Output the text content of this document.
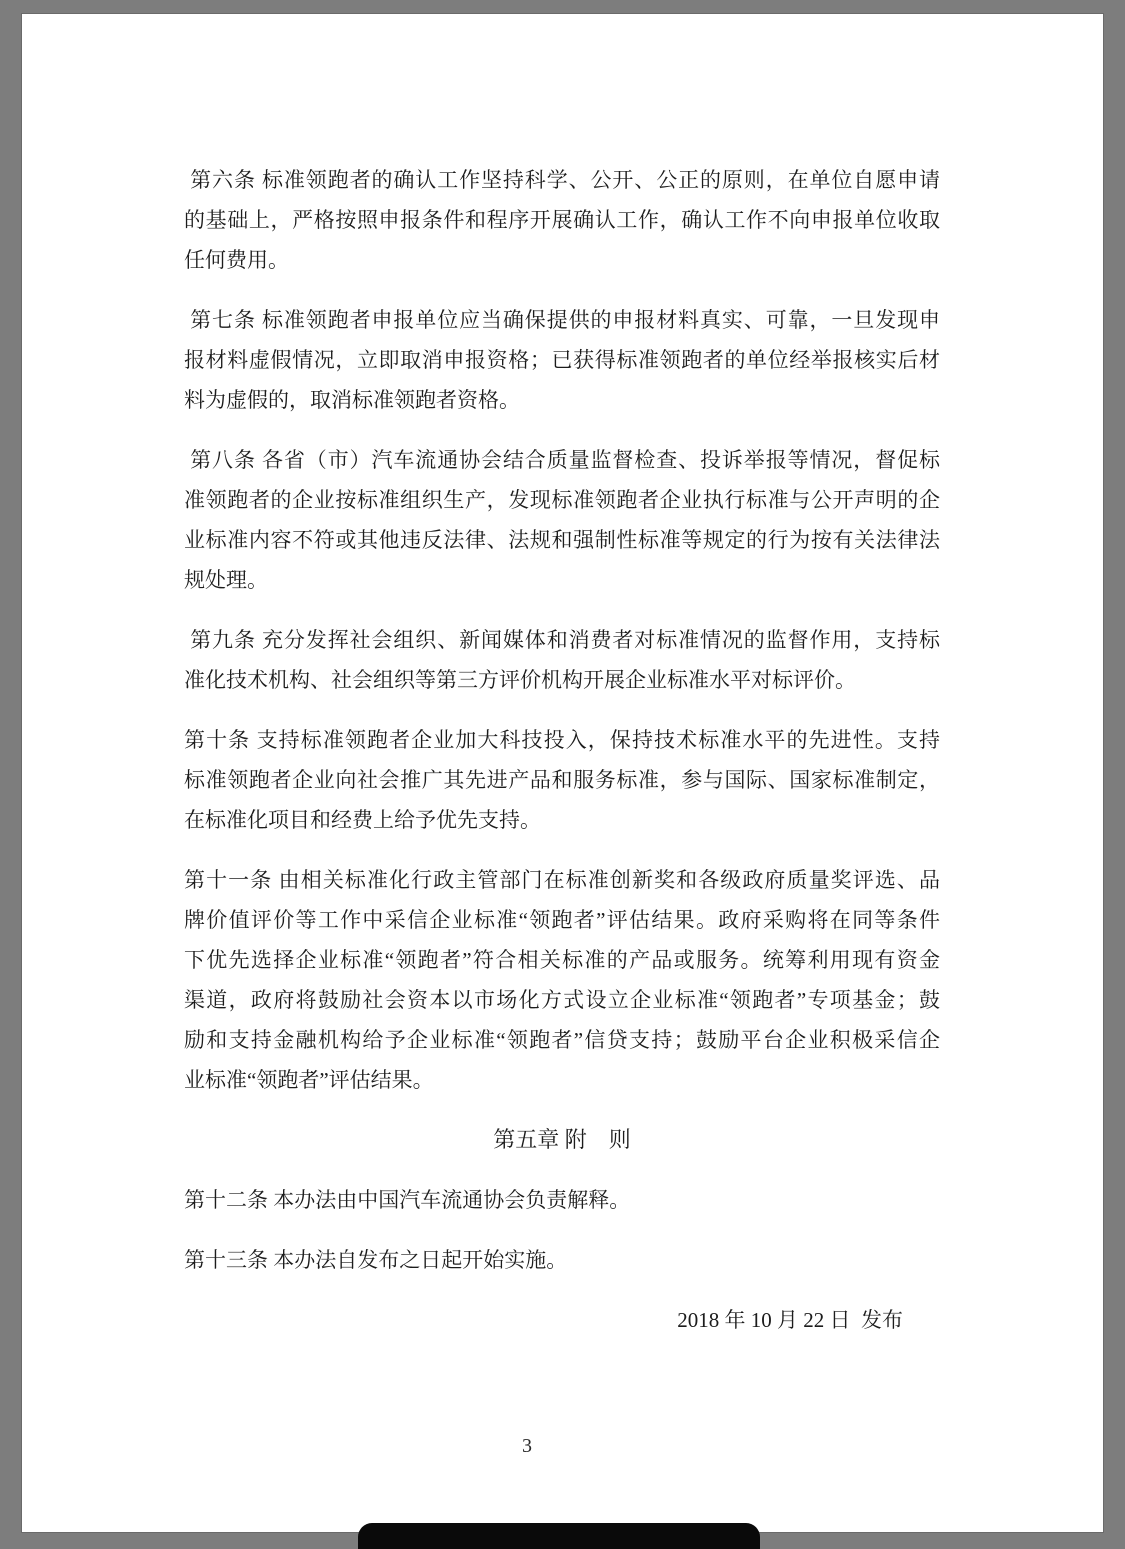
第六条 标准领跑者的确认工作坚持科学、公开、公正的原则，在单位自愿申请
的基础上，严格按照申报条件和程序开展确认工作，确认工作不向申报单位收取
任何费用。
第七条 标准领跑者申报单位应当确保提供的申报材料真实、可靠，一旦发现申
报材料虚假情况，立即取消申报资格；已获得标准领跑者的单位经举报核实后材
料为虚假的，取消标准领跑者资格。
第八条 各省（市）汽车流通协会结合质量监督检查、投诉举报等情况，督促标
准领跑者的企业按标准组织生产，发现标准领跑者企业执行标准与公开声明的企
业标准内容不符或其他违反法律、法规和强制性标准等规定的行为按有关法律法
规处理。
第九条 充分发挥社会组织、新闻媒体和消费者对标准情况的监督作用，支持标
准化技术机构、社会组织等第三方评价机构开展企业标准水平对标评价。
第十条 支持标准领跑者企业加大科技投入，保持技术标准水平的先进性。支持
标准领跑者企业向社会推广其先进产品和服务标准，参与国际、国家标准制定，
在标准化项目和经费上给予优先支持。
第十一条 由相关标准化行政主管部门在标准创新奖和各级政府质量奖评选、品
牌价值评价等工作中采信企业标准“领跑者”评估结果。政府采购将在同等条件
下优先选择企业标准“领跑者”符合相关标准的产品或服务。统筹利用现有资金
渠道，政府将鼓励社会资本以市场化方式设立企业标准“领跑者”专项基金；鼓
励和支持金融机构给予企业标准“领跑者”信贷支持；鼓励平台企业积极采信企
业标准“领跑者”评估结果。
第五章 附　则
第十二条 本办法由中国汽车流通协会负责解释。
第十三条 本办法自发布之日起开始实施。
2018 年 10 月 22 日  发布
3
